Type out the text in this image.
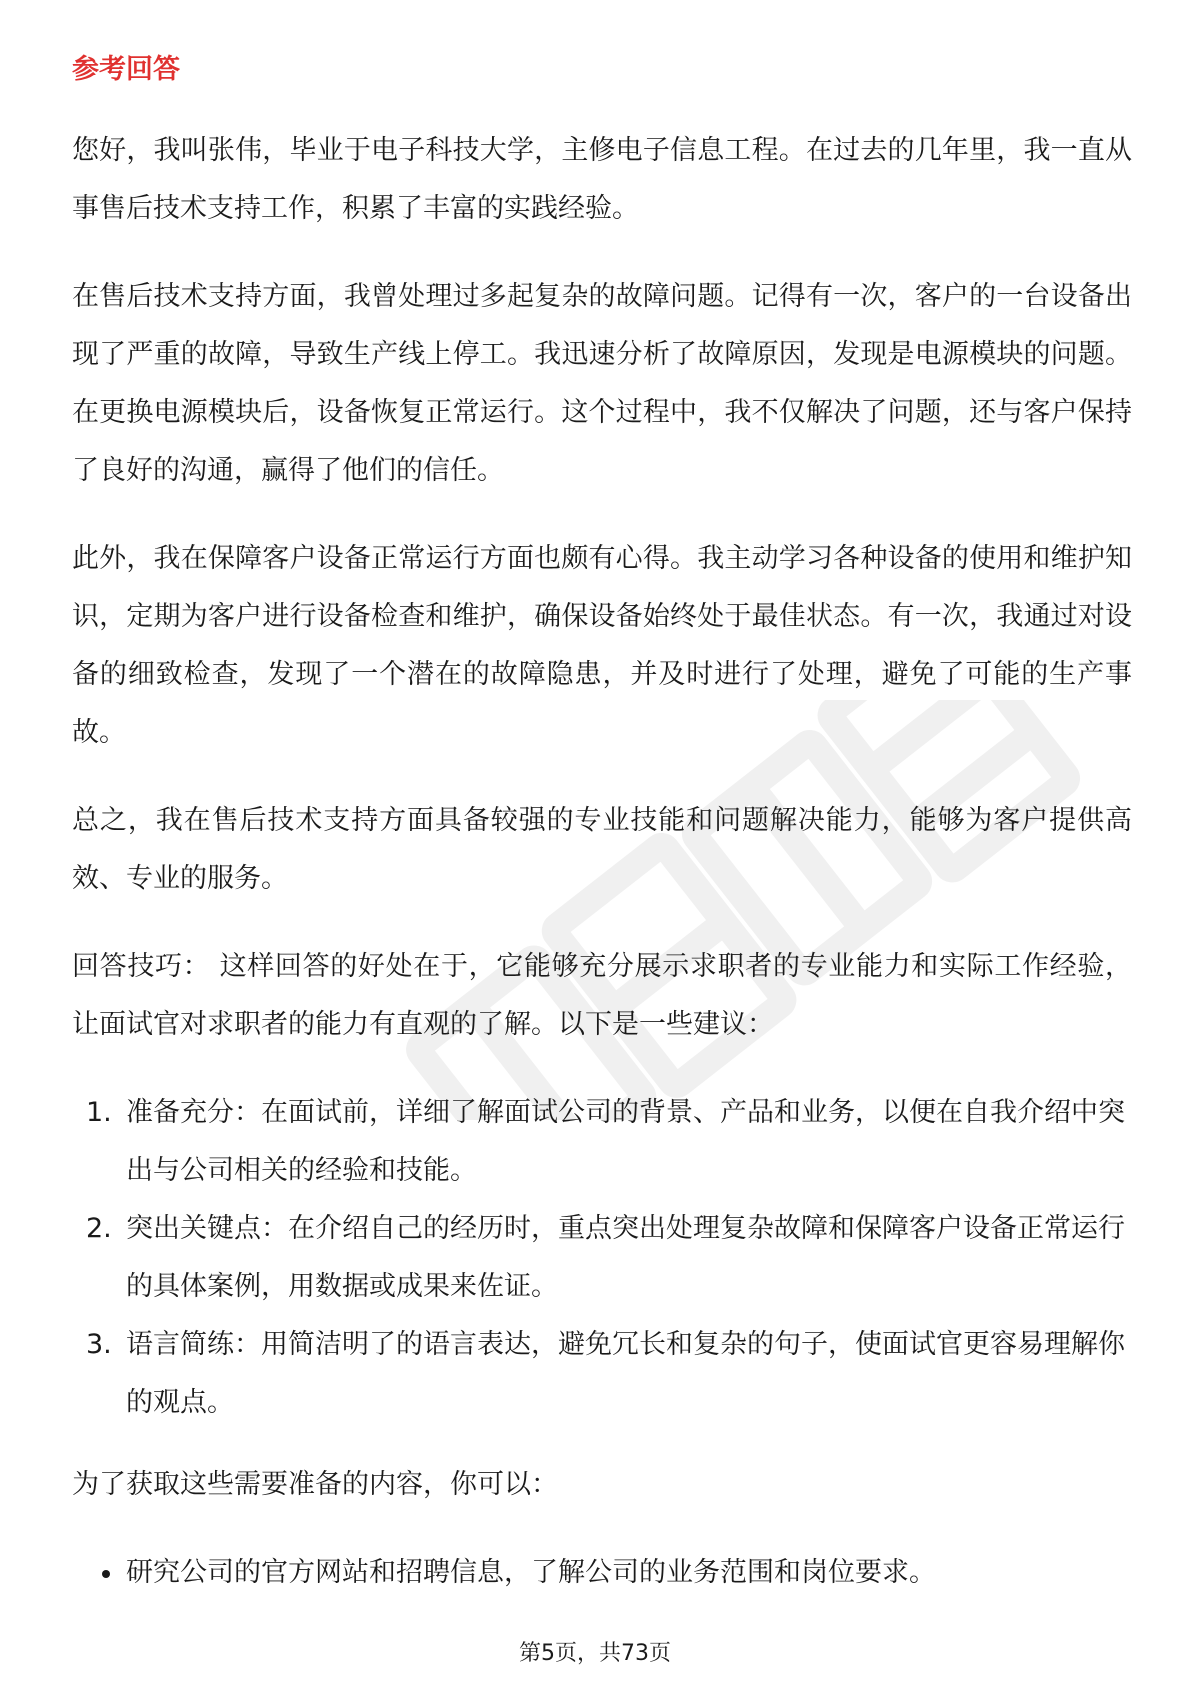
参考回答

您好，我叫张伟，毕业于电子科技大学，主修电子信息工程。在过去的几年里，我一直从事售后技术支持工作，积累了丰富的实践经验。

在售后技术支持方面，我曾处理过多起复杂的故障问题。记得有一次，客户的一台设备出现了严重的故障，导致生产线上停工。我迅速分析了故障原因，发现是电源模块的问题。在更换电源模块后，设备恢复正常运行。这个过程中，我不仅解决了问题，还与客户保持了良好的沟通，赢得了他们的信任。

此外，我在保障客户设备正常运行方面也颇有心得。我主动学习各种设备的使用和维护知识，定期为客户进行设备检查和维护，确保设备始终处于最佳状态。有一次，我通过对设备的细致检查，发现了一个潜在的故障隐患，并及时进行了处理，避免了可能的生产事故。

总之，我在售后技术支持方面具备较强的专业技能和问题解决能力，能够为客户提供高效、专业的服务。

回答技巧： 这样回答的好处在于，它能够充分展示求职者的专业能力和实际工作经验，让面试官对求职者的能力有直观的了解。以下是一些建议：

1. 准备充分：在面试前，详细了解面试公司的背景、产品和业务，以便在自我介绍中突出与公司相关的经验和技能。
2. 突出关键点：在介绍自己的经历时，重点突出处理复杂故障和保障客户设备正常运行的具体案例，用数据或成果来佐证。
3. 语言简练：用简洁明了的语言表达，避免冗长和复杂的句子，使面试官更容易理解你的观点。

为了获取这些需要准备的内容，你可以：

研究公司的官方网站和招聘信息，了解公司的业务范围和岗位要求。
第5页，共73页
